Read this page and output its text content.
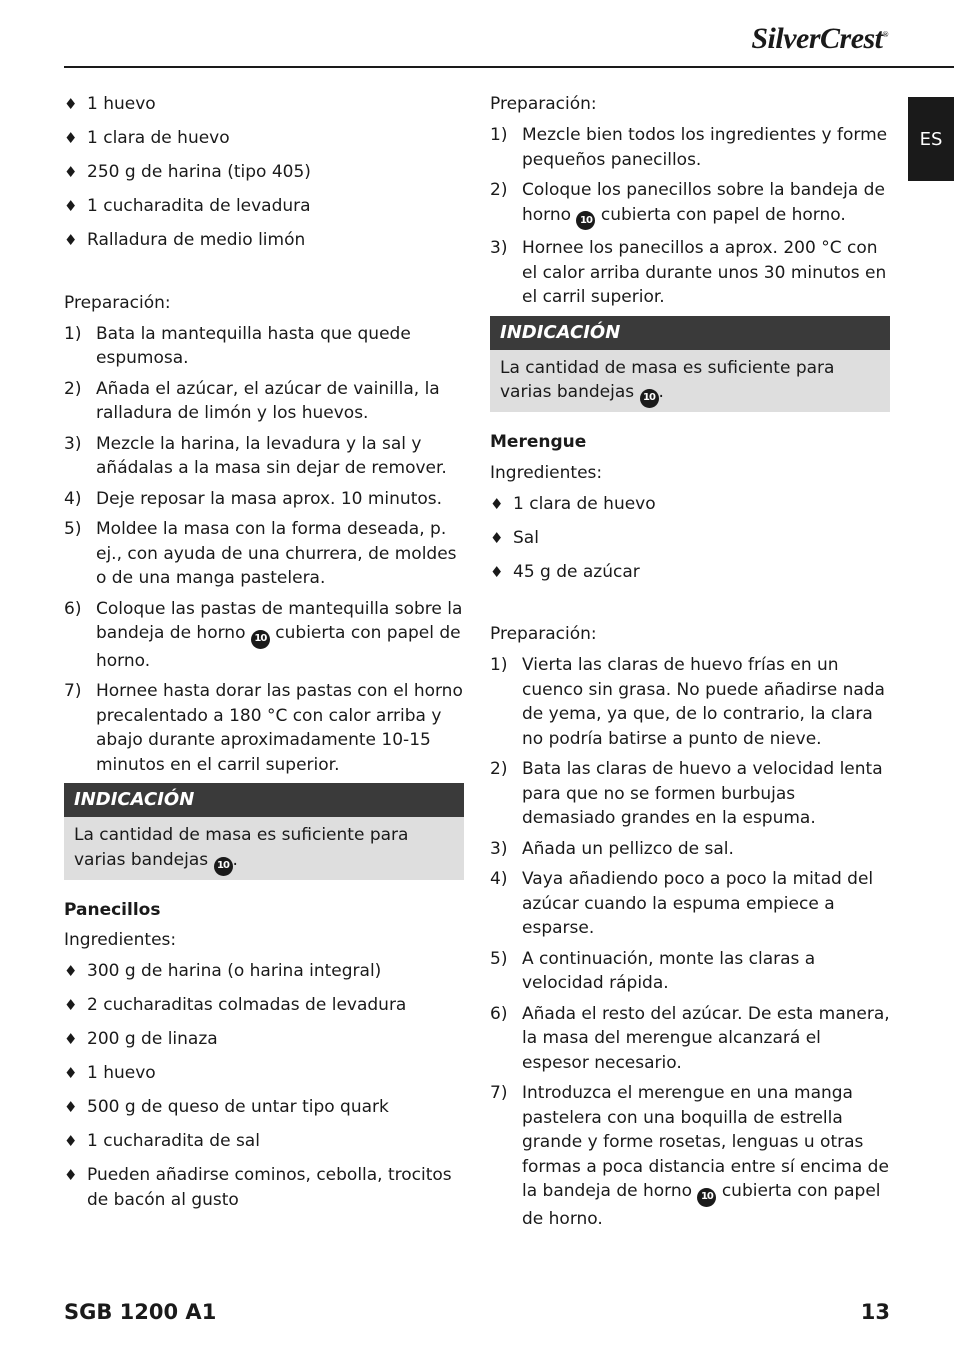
SilverCrest®
ES
♦ 1 huevo
♦ 1 clara de huevo
♦ 250 g de harina (tipo 405)
♦ 1 cucharadita de levadura
♦ Ralladura de medio limón

Preparación:

1) Bata la mantequilla hasta que quede espumosa.
2) Añada el azúcar, el azúcar de vainilla, la ralladura de limón y los huevos.
3) Mezcle la harina, la levadura y la sal y añádalas a la masa sin dejar de remover.
4) Deje reposar la masa aprox. 10 minutos.
5) Moldee la masa con la forma deseada, p. ej., con ayuda de una churrera, de moldes o de una manga pastelera.
6) Coloque las pastas de mantequilla sobre la bandeja de horno 10 cubierta con papel de horno.
7) Hornee hasta dorar las pastas con el horno precalentado a 180 °C con calor arriba y abajo durante aproximadamente 10-15 minutos en el carril superior.
INDICACIÓN
La cantidad de masa es suficiente para varias bandejas 10 .

Panecillos

Ingredientes:

♦ 300 g de harina (o harina integral)
♦ 2 cucharaditas colmadas de levadura
♦ 200 g de linaza
♦ 1 huevo
♦ 500 g de queso de untar tipo quark
♦ 1 cucharadita de sal
♦ Pueden añadirse cominos, cebolla, trocitos de bacón al gusto

Preparación:

1) Mezcle bien todos los ingredientes y forme pequeños panecillos.
2) Coloque los panecillos sobre la bandeja de horno 10 cubierta con papel de horno.
3) Hornee los panecillos a aprox. 200 °C con el calor arriba durante unos 30 minutos en el carril superior.
INDICACIÓN
La cantidad de masa es suficiente para varias bandejas 10 .

Merengue

Ingredientes:

♦ 1 clara de huevo
♦ Sal
♦ 45 g de azúcar

Preparación:

1) Vierta las claras de huevo frías en un cuenco sin grasa. No puede añadirse nada de yema, ya que, de lo contrario, la clara no podría batirse a punto de nieve.
2) Bata las claras de huevo a velocidad lenta para que no se formen burbujas demasiado grandes en la espuma.
3) Añada un pellizco de sal.
4) Vaya añadiendo poco a poco la mitad del azúcar cuando la espuma empiece a esparse.
5) A continuación, monte las claras a velocidad rápida.
6) Añada el resto del azúcar. De esta manera, la masa del merengue alcanzará el espesor necesario.
7) Introduzca el merengue en una manga pastelera con una boquilla de estrella grande y forme rosetas, lenguas u otras formas a poca distancia entre sí encima de la bandeja de horno 10 cubierta con papel de horno.
SGB 1200 A1	13
